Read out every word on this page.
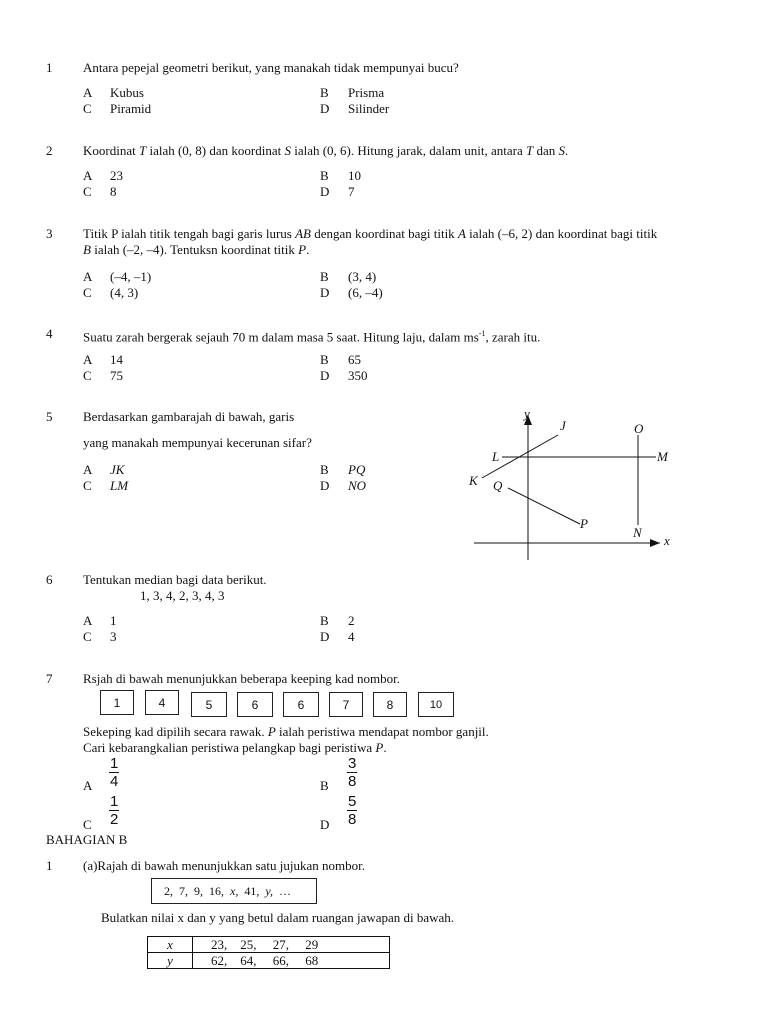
1 Antara pepejal geometri berikut, yang manakah tidak mempunyai bucu?
A Kubus	B Prisma
C Piramid	D Silinder
2 Koordinat T ialah (0, 8) dan koordinat S ialah (0, 6). Hitung jarak, dalam unit, antara T dan S.
A 23	B 10
C 8	D 7
3 Titik P ialah titik tengah bagi garis lurus AB dengan koordinat bagi titik A ialah (–6, 2) dan koordinat bagi titik
B ialah (–2, –4). Tentuksn koordinat titik P.
A (–4, –1)	B (3, 4)
C (4, 3)	D (6, –4)
4 Suatu zarah bergerak sejauh 70 m dalam masa 5 saat. Hitung laju, dalam $ms^{-1}$, zarah itu.
A 14	B 65
C 75	D 350
5 Berdasarkan gambarajah di bawah, garis
yang manakah mempunyai kecerunan sifar?
A JK	B PQ
C LM	D NO
y
J	O
L	M
K Q
P
N
x
6 Tentukan median bagi data berikut.
1, 3, 4, 2, 3, 4, 3
A 1	B 2
C 3	D 4
7 Rsjah di bawah menunjukkan beberapa keeping kad nombor.
1	4	5	6	6	7	8	10
Sekeping kad dipilih secara rawak. P ialah peristiwa mendapat nombor ganjil.
Cari kebarangkalian peristiwa pelangkap bagi peristiwa P.
A $\frac{1}{4}$	B $\frac{3}{8}$
C $\frac{1}{2}$	D $\frac{5}{8}$
BAHAGIAN B
1 (a)Rajah di bawah menunjukkan satu jujukan nombor.
2, 7, 9, 16, x, 41, y, …
Bulatkan nilai x dan y yang betul dalam ruangan jawapan di bawah.
x	23,    25,     27,     29
y	62,    64,     66,     68
